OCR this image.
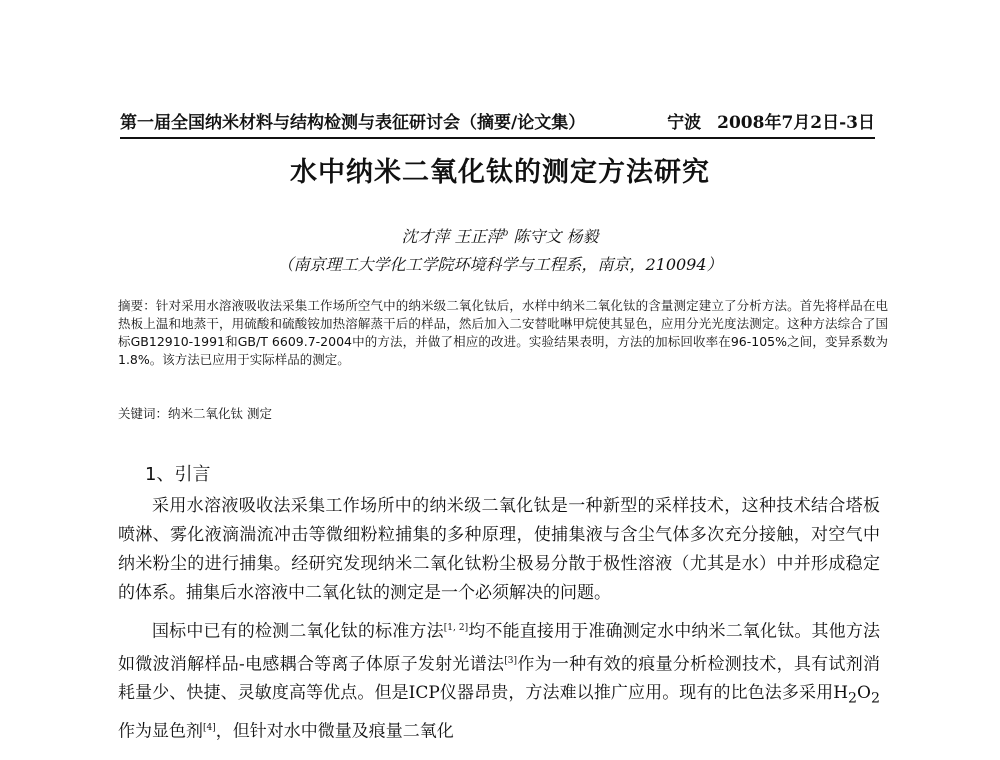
第一届全国纳米材料与结构检测与表征研讨会（摘要/论文集）	宁波 2008年7月2日-3日
水中纳米二氧化钛的测定方法研究
沈才萍 王正萍$^b$ 陈守文 杨毅
（南京理工大学化工学院环境科学与工程系，南京，210094）
摘要：针对采用水溶液吸收法采集工作场所空气中的纳米级二氧化钛后，水样中纳米二氧化钛的含量测定建立了分析方法。首先将样品在电热板上温和地蒸干，用硫酸和硫酸铵加热溶解蒸干后的样品，然后加入二安替吡啉甲烷使其显色，应用分光光度法测定。这种方法综合了国标GB12910-1991和GB/T 6609.7-2004中的方法，并做了相应的改进。实验结果表明，方法的加标回收率在96-105%之间，变异系数为1.8%。该方法已应用于实际样品的测定。
关键词：纳米二氧化钛 测定
1、引言

采用水溶液吸收法采集工作场所中的纳米级二氧化钛是一种新型的采样技术，这种技术结合塔板喷淋、雾化液滴湍流冲击等微细粉粒捕集的多种原理，使捕集液与含尘气体多次充分接触，对空气中纳米粉尘的进行捕集。经研究发现纳米二氧化钛粉尘极易分散于极性溶液（尤其是水）中并形成稳定的体系。捕集后水溶液中二氧化钛的测定是一个必须解决的问题。

国标中已有的检测二氧化钛的标准方法[1, 2]均不能直接用于准确测定水中纳米二氧化钛。其他方法如微波消解样品-电感耦合等离子体原子发射光谱法[3]作为一种有效的痕量分析检测技术，具有试剂消耗量少、快捷、灵敏度高等优点。但是ICP仪器昂贵，方法难以推广应用。现有的比色法多采用$H_2O_2$作为显色剂[4]，但针对水中微量及痕量二氧化
